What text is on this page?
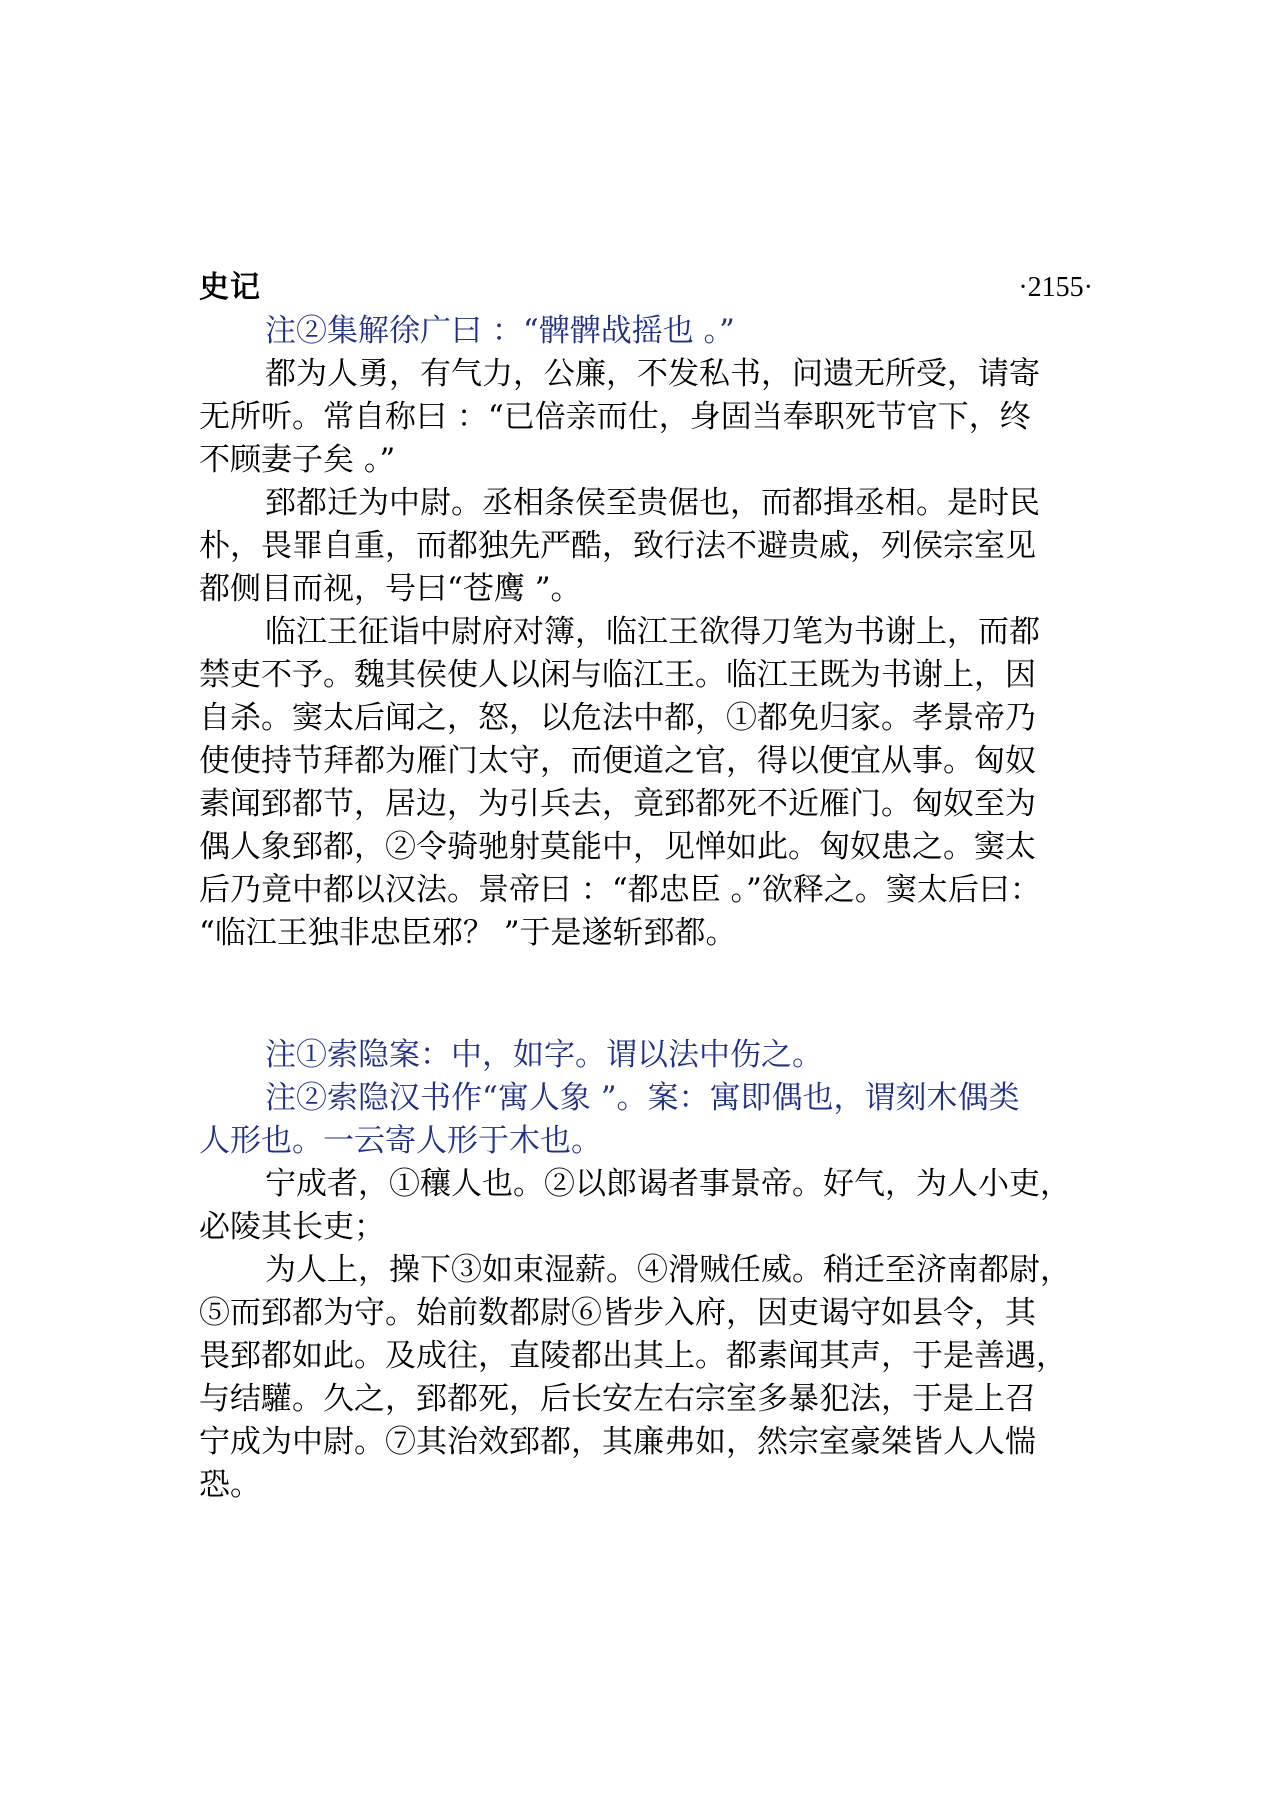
史记	·2155·
注②集解徐广曰 ：“髀髀战摇也 。”
都为人勇，有气力，公廉，不发私书，问遗无所受，请寄
无所听。常自称曰 ：“已倍亲而仕，身固当奉职死节官下，终
不顾妻子矣 。”
郅都迁为中尉。丞相条侯至贵倨也，而都揖丞相。是时民
朴，畏罪自重，而都独先严酷，致行法不避贵戚，列侯宗室见
都侧目而视，号曰“苍鹰 ”。
临江王征诣中尉府对簿，临江王欲得刀笔为书谢上，而都
禁吏不予。魏其侯使人以闲与临江王。临江王既为书谢上，因
自杀。窦太后闻之，怒，以危法中都，①都免归家。孝景帝乃
使使持节拜都为雁门太守，而便道之官，得以便宜从事。匈奴
素闻郅都节，居边，为引兵去，竟郅都死不近雁门。匈奴至为
偶人象郅都，②令骑驰射莫能中，见惮如此。匈奴患之。窦太
后乃竟中都以汉法。景帝曰 ：“都忠臣 。”欲释之。窦太后曰：
“临江王独非忠臣邪？ ”于是遂斩郅都。
注①索隐案：中，如字。谓以法中伤之。
注②索隐汉书作“寓人象 ”。案：寓即偶也，谓刻木偶类
人形也。一云寄人形于木也。
宁成者，①穰人也。②以郎谒者事景帝。好气，为人小吏，
必陵其长吏；
为人上，操下③如束湿薪。④滑贼任威。稍迁至济南都尉，
⑤而郅都为守。始前数都尉⑥皆步入府，因吏谒守如县令，其
畏郅都如此。及成往，直陵都出其上。都素闻其声，于是善遇，
与结驩。久之，郅都死，后长安左右宗室多暴犯法，于是上召
宁成为中尉。⑦其治效郅都，其廉弗如，然宗室豪桀皆人人惴
恐。
